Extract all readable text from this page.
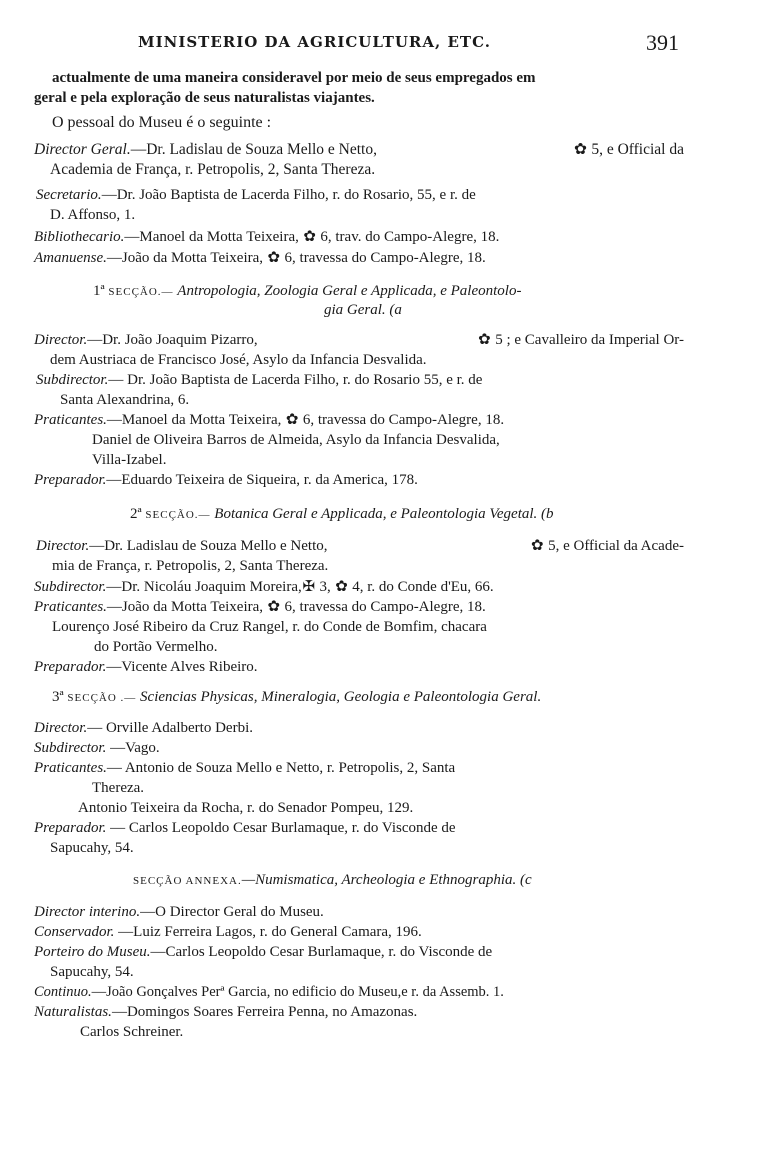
MINISTERIO DA AGRICULTURA, ETC.	391
actualmente de uma maneira consideravel por meio de seus empregados em
geral e pela exploração de seus naturalistas viajantes.
O pessoal do Museu é o seguinte :
Director Geral.—Dr. Ladislau de Souza Mello e Netto,	✿ 5, e Official da
Academia de França, r. Petropolis, 2, Santa Thereza.
Secretario.—Dr. João Baptista de Lacerda Filho, r. do Rosario, 55, e r. de
D. Affonso, 1.
Bibliothecario.—Manoel da Motta Teixeira, ✿ 6, trav. do Campo-Alegre, 18.
Amanuense.—João da Motta Teixeira, ✿ 6, travessa do Campo-Alegre, 18.
1ª SECÇÃO.— Antropologia, Zoologia Geral e Applicada, e Paleontolo-
gia Geral. (a
Director.—Dr. João Joaquim Pizarro,	✿ 5 ; e Cavalleiro da Imperial Or-
dem Austriaca de Francisco José, Asylo da Infancia Desvalida.
Subdirector.— Dr. João Baptista de Lacerda Filho, r. do Rosario 55, e r. de
Santa Alexandrina, 6.
Praticantes.—Manoel da Motta Teixeira, ✿ 6, travessa do Campo-Alegre, 18.
Daniel de Oliveira Barros de Almeida, Asylo da Infancia Desvalida,
Villa-Izabel.
Preparador.—Eduardo Teixeira de Siqueira, r. da America, 178.
2ª SECÇÃO.— Botanica Geral e Applicada, e Paleontologia Vegetal. (b
Director.—Dr. Ladislau de Souza Mello e Netto,	✿ 5, e Official da Acade-
mia de França, r. Petropolis, 2, Santa Thereza.
Subdirector.—Dr. Nicoláu Joaquim Moreira,✠ 3, ✿ 4, r. do Conde d'Eu, 66.
Praticantes.—João da Motta Teixeira, ✿ 6, travessa do Campo-Alegre, 18.
Lourenço José Ribeiro da Cruz Rangel, r. do Conde de Bomfim, chacara
do Portão Vermelho.
Preparador.—Vicente Alves Ribeiro.
3ª SECÇÃO .— Sciencias Physicas, Mineralogia, Geologia e Paleontologia Geral.
Director.— Orville Adalberto Derbi.
Subdirector. —Vago.
Praticantes.— Antonio de Souza Mello e Netto, r. Petropolis, 2, Santa
Thereza.
Antonio Teixeira da Rocha, r. do Senador Pompeu, 129.
Preparador. — Carlos Leopoldo Cesar Burlamaque, r. do Visconde de
Sapucahy, 54.
SECÇÃO ANNEXA.—Numismatica, Archeologia e Ethnographia. (c
Director interino.—O Director Geral do Museu.
Conservador. —Luiz Ferreira Lagos, r. do General Camara, 196.
Porteiro do Museu.—Carlos Leopoldo Cesar Burlamaque, r. do Visconde de
Sapucahy, 54.
Continuo.—João Gonçalves Perª Garcia, no edificio do Museu,e r. da Assemb. 1.
Naturalistas.—Domingos Soares Ferreira Penna, no Amazonas.
Carlos Schreiner.
